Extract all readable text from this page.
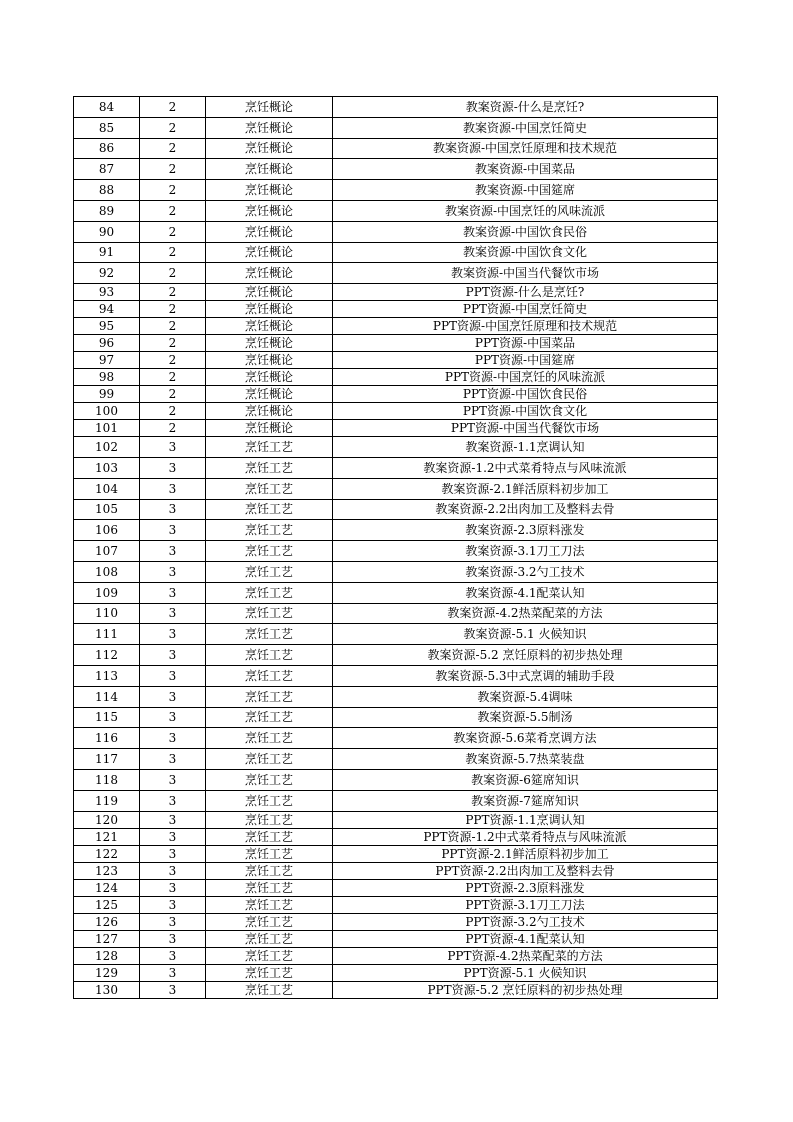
84	2	烹饪概论	教案资源-什么是烹饪?
85	2	烹饪概论	教案资源-中国烹饪简史
86	2	烹饪概论	教案资源-中国烹饪原理和技术规范
87	2	烹饪概论	教案资源-中国菜品
88	2	烹饪概论	教案资源-中国筵席
89	2	烹饪概论	教案资源-中国烹饪的风味流派
90	2	烹饪概论	教案资源-中国饮食民俗
91	2	烹饪概论	教案资源-中国饮食文化
92	2	烹饪概论	教案资源-中国当代餐饮市场
93	2	烹饪概论	PPT资源-什么是烹饪?
94	2	烹饪概论	PPT资源-中国烹饪简史
95	2	烹饪概论	PPT资源-中国烹饪原理和技术规范
96	2	烹饪概论	PPT资源-中国菜品
97	2	烹饪概论	PPT资源-中国筵席
98	2	烹饪概论	PPT资源-中国烹饪的风味流派
99	2	烹饪概论	PPT资源-中国饮食民俗
100	2	烹饪概论	PPT资源-中国饮食文化
101	2	烹饪概论	PPT资源-中国当代餐饮市场
102	3	烹饪工艺	教案资源-1.1烹调认知
103	3	烹饪工艺	教案资源-1.2中式菜肴特点与风味流派
104	3	烹饪工艺	教案资源-2.1鲜活原料初步加工
105	3	烹饪工艺	教案资源-2.2出肉加工及整料去骨
106	3	烹饪工艺	教案资源-2.3原料涨发
107	3	烹饪工艺	教案资源-3.1刀工刀法
108	3	烹饪工艺	教案资源-3.2勺工技术
109	3	烹饪工艺	教案资源-4.1配菜认知
110	3	烹饪工艺	教案资源-4.2热菜配菜的方法
111	3	烹饪工艺	教案资源-5.1 火候知识
112	3	烹饪工艺	教案资源-5.2 烹饪原料的初步热处理
113	3	烹饪工艺	教案资源-5.3中式烹调的辅助手段
114	3	烹饪工艺	教案资源-5.4调味
115	3	烹饪工艺	教案资源-5.5制汤
116	3	烹饪工艺	教案资源-5.6菜肴烹调方法
117	3	烹饪工艺	教案资源-5.7热菜装盘
118	3	烹饪工艺	教案资源-6筵席知识
119	3	烹饪工艺	教案资源-7筵席知识
120	3	烹饪工艺	PPT资源-1.1烹调认知
121	3	烹饪工艺	PPT资源-1.2中式菜肴特点与风味流派
122	3	烹饪工艺	PPT资源-2.1鲜活原料初步加工
123	3	烹饪工艺	PPT资源-2.2出肉加工及整料去骨
124	3	烹饪工艺	PPT资源-2.3原料涨发
125	3	烹饪工艺	PPT资源-3.1刀工刀法
126	3	烹饪工艺	PPT资源-3.2勺工技术
127	3	烹饪工艺	PPT资源-4.1配菜认知
128	3	烹饪工艺	PPT资源-4.2热菜配菜的方法
129	3	烹饪工艺	PPT资源-5.1 火候知识
130	3	烹饪工艺	PPT资源-5.2 烹饪原料的初步热处理
